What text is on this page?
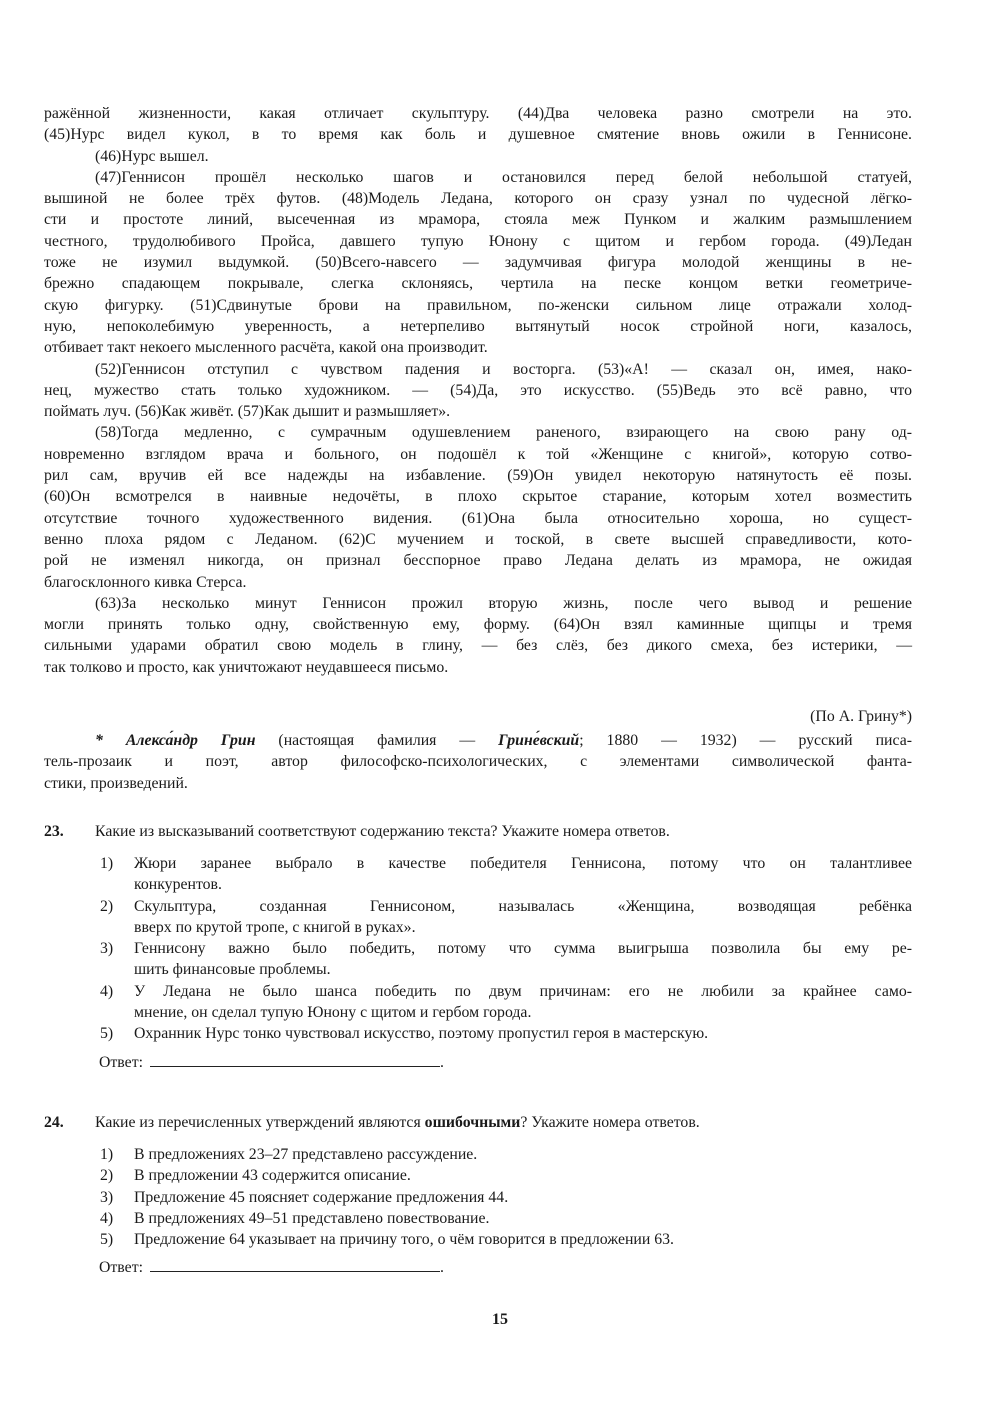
ражённой жизненности, какая отличает скульптуру. (44)Два человека разно смотрели на это.
(45)Нурс видел кукол, в то время как боль и душевное смятение вновь ожили в Геннисоне.
(46)Нурс вышел.
(47)Геннисон прошёл несколько шагов и остановился перед белой небольшой статуей,
вышиной не более трёх футов. (48)Модель Ледана, которого он сразу узнал по чудесной лёгко-
сти и простоте линий, высеченная из мрамора, стояла меж Пунком и жалким размышлением
честного, трудолюбивого Пройса, давшего тупую Юнону с щитом и гербом города. (49)Ледан
тоже не изумил выдумкой. (50)Всего-навсего — задумчивая фигура молодой женщины в не-
брежно спадающем покрывале, слегка склоняясь, чертила на песке концом ветки геометриче-
скую фигурку. (51)Сдвинутые брови на правильном, по-женски сильном лице отражали холод-
ную, непоколебимую уверенность, а нетерпеливо вытянутый носок стройной ноги, казалось,
отбивает такт некоего мысленного расчёта, какой она производит.
(52)Геннисон отступил с чувством падения и восторга. (53)«А! — сказал он, имея, нако-
нец, мужество стать только художником. — (54)Да, это искусство. (55)Ведь это всё равно, что
поймать луч. (56)Как живёт. (57)Как дышит и размышляет».
(58)Тогда медленно, с сумрачным одушевлением раненого, взирающего на свою рану од-
новременно взглядом врача и больного, он подошёл к той «Женщине с книгой», которую сотво-
рил сам, вручив ей все надежды на избавление. (59)Он увидел некоторую натянутость её позы.
(60)Он всмотрелся в наивные недочёты, в плохо скрытое старание, которым хотел возместить
отсутствие точного художественного видения. (61)Она была относительно хороша, но сущест-
венно плоха рядом с Леданом. (62)С мучением и тоской, в свете высшей справедливости, кото-
рой не изменял никогда, он признал бесспорное право Ледана делать из мрамора, не ожидая
благосклонного кивка Стерса.
(63)За несколько минут Геннисон прожил вторую жизнь, после чего вывод и решение
могли принять только одну, свойственную ему, форму. (64)Он взял каминные щипцы и тремя
сильными ударами обратил свою модель в глину, — без слёз, без дикого смеха, без истерики, —
так толково и просто, как уничтожают неудавшееся письмо.
(По А. Грину*)
* Алекса́ндр Грин (настоящая фамилия — Грине́вский; 1880 — 1932) — русский писа-
тель-прозаик и поэт, автор философско-психологических, с элементами символической фанта-
стики, произведений.
23. Какие из высказываний соответствуют содержанию текста? Укажите номера ответов.
1) Жюри заранее выбрало в качестве победителя Геннисона, потому что он талантливее
конкурентов.
2) Скульптура, созданная Геннисоном, называлась «Женщина, возводящая ребёнка
вверх по крутой тропе, с книгой в руках».
3) Геннисону важно было победить, потому что сумма выигрыша позволила бы ему ре-
шить финансовые проблемы.
4) У Ледана не было шанса победить по двум причинам: его не любили за крайнее само-
мнение, он сделал тупую Юнону с щитом и гербом города.
5) Охранник Нурс тонко чувствовал искусство, поэтому пропустил героя в мастерскую.
Ответ:	.
24. Какие из перечисленных утверждений являются ошибочными? Укажите номера ответов.
1) В предложениях 23–27 представлено рассуждение.
2) В предложении 43 содержится описание.
3) Предложение 45 поясняет содержание предложения 44.
4) В предложениях 49–51 представлено повествование.
5) Предложение 64 указывает на причину того, о чём говорится в предложении 63.
Ответ:	.
15
